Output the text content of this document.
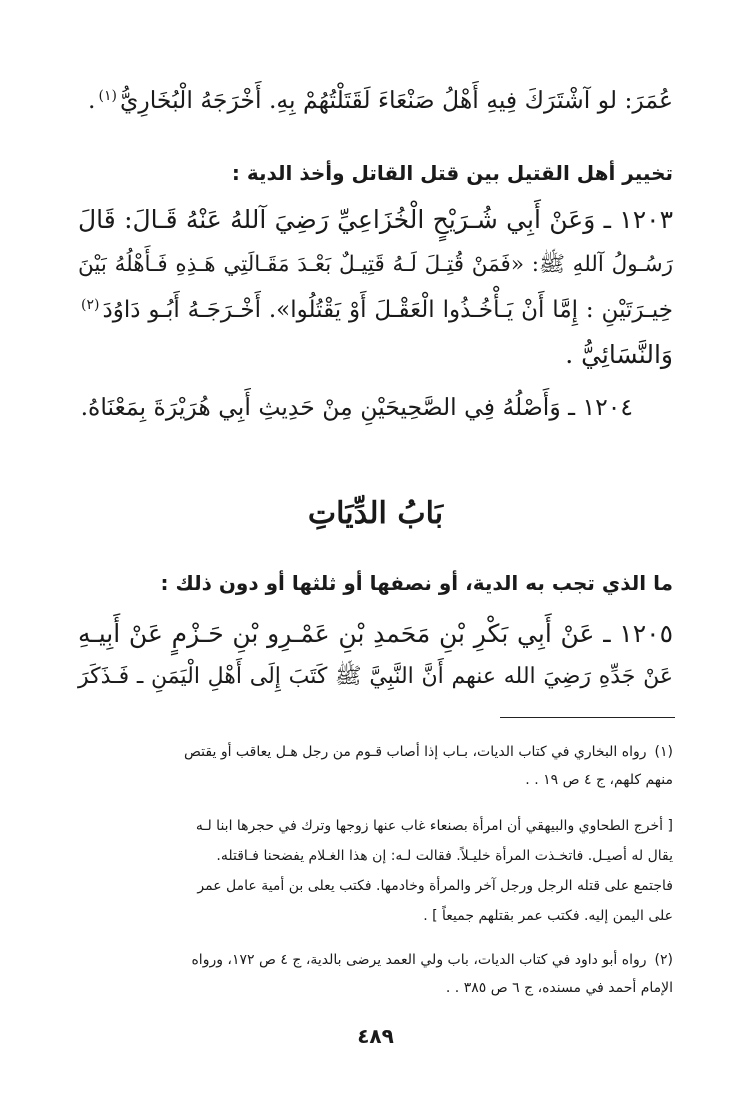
عُمَرَ: لو آشْتَرَكَ فِيهِ أَهْلُ صَنْعَاءَ لَقَتَلْتُهُمْ بِهِ. أَخْرَجَهُ الْبُخَارِيُّ$^{(١)}$.
تخيير أهل القتيل بين قتل القاتل وأخذ الدية :
١٢٠٣ ـ وَعَنْ أَبِي شُـرَيْحٍ الْخُزَاعِيِّ رَضِيَ آللهُ عَنْهُ قَـالَ: قَالَ
رَسُـولُ آللهِ ﷺ: «فَمَنْ قُتِـلَ لَـهُ قَتِيـلٌ بَعْـدَ مَقَـالَتِي هَـذِهِ فَـأَهْلُهُ بَيْنَ
خِيـرَتَيْنِ : إِمَّا أَنْ يَـأْخُـذُوا الْعَقْـلَ أَوْ يَقْتُلُوا». أَخْـرَجَـهُ أَبُـو دَاوُدَ$^{(٢)}$
وَالنَّسَائِيُّ .
١٢٠٤ ـ وَأَصْلُهُ فِي الصَّحِيحَيْنِ مِنْ حَدِيثِ أَبِي هُرَيْرَةَ بِمَعْنَاهُ.
بَابُ الدِّيَاتِ
ما الذي تجب به الدية، أو نصفها أو ثلثها أو دون ذلك :
١٢٠٥ ـ عَنْ أَبِي بَكْرِ بْنِ مَحَمدِ بْنِ عَمْـرِو بْنِ حَـزْمٍ عَنْ أَبِيـهِ
عَنْ جَدِّهِ رَضِيَ الله عنهم أَنَّ النَّبِيَّ ﷺ كَتَبَ إِلَى أَهْلِ الْيَمَنِ ـ فَـذَكَرَ
(١)رواه البخاري في كتاب الديات، بـاب إذا أصاب قـوم من رجل هـل يعاقب أو يقتص
منهم كلهم، ج ٤ ص ١٩ . .
[ أخرج الطحاوي والبيهقي أن امرأة بصنعاء غاب عنها زوجها وترك في حجرها ابنا لـه
يقال له أصيـل. فاتخـذت المرأة خليـلاً. فقالت لـه: إن هذا الغـلام يفضحنا فـاقتله.
فاجتمع على قتله الرجل ورجل آخر والمرأة وخادمها. فكتب يعلى بن أمية عامل عمر
على اليمن إليه. فكتب عمر بقتلهم جميعاً ] .
(٢)رواه أبو داود في كتاب الديات، باب ولي العمد يرضى بالدية، ج ٤ ص ١٧٢، ورواه
الإمام أحمد في مسنده، ج ٦ ص ٣٨٥ . .
٤٨٩
